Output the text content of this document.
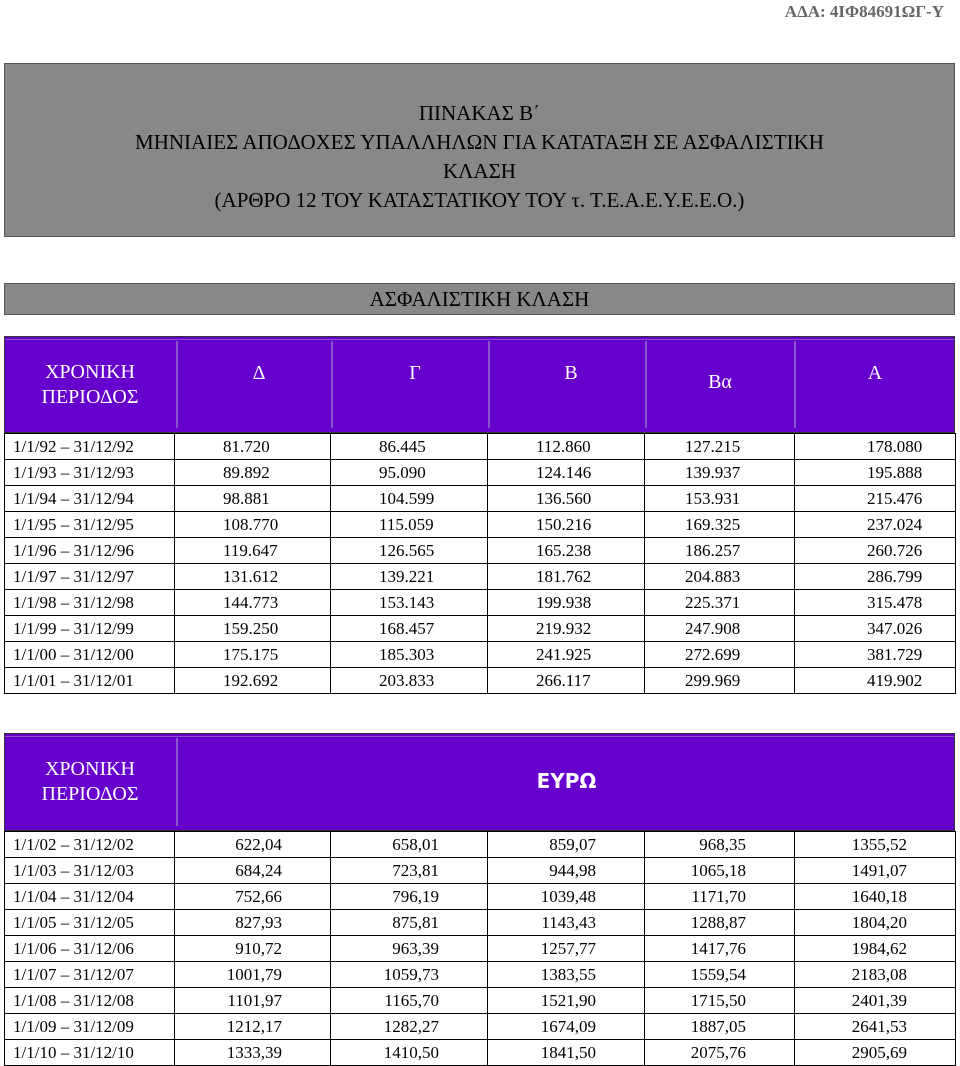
ΑΔΑ: 4ΙΦ84691ΩΓ-Υ
ΠΙΝΑΚΑΣ Β΄
ΜΗΝΙΑΙΕΣ ΑΠΟΔΟΧΕΣ ΥΠΑΛΛΗΛΩΝ ΓΙΑ ΚΑΤΑΤΑΞΗ ΣΕ ΑΣΦΑΛΙΣΤΙΚΗ
ΚΛΑΣΗ
(ΑΡΘΡΟ 12 ΤΟΥ ΚΑΤΑΣΤΑΤΙΚΟΥ ΤΟΥ τ. Τ.Ε.Α.Ε.Υ.Ε.Ε.Ο.)
ΑΣΦΑΛΙΣΤΙΚΗ ΚΛΑΣΗ
ΧΡΟΝΙΚΗ
ΠΕΡΙΟΔΟΣ
Δ	Γ	Β	Βα	Α
1/1/92 – 31/12/92	81.720	86.445	112.860	127.215	178.080
1/1/93 – 31/12/93	89.892	95.090	124.146	139.937	195.888
1/1/94 – 31/12/94	98.881	104.599	136.560	153.931	215.476
1/1/95 – 31/12/95	108.770	115.059	150.216	169.325	237.024
1/1/96 – 31/12/96	119.647	126.565	165.238	186.257	260.726
1/1/97 – 31/12/97	131.612	139.221	181.762	204.883	286.799
1/1/98 – 31/12/98	144.773	153.143	199.938	225.371	315.478
1/1/99 – 31/12/99	159.250	168.457	219.932	247.908	347.026
1/1/00 – 31/12/00	175.175	185.303	241.925	272.699	381.729
1/1/01 – 31/12/01	192.692	203.833	266.117	299.969	419.902
ΧΡΟΝΙΚΗ
ΠΕΡΙΟΔΟΣ
ΕΥΡΩ
1/1/02 – 31/12/02	622,04	658,01	859,07	968,35	1355,52
1/1/03 – 31/12/03	684,24	723,81	944,98	1065,18	1491,07
1/1/04 – 31/12/04	752,66	796,19	1039,48	1171,70	1640,18
1/1/05 – 31/12/05	827,93	875,81	1143,43	1288,87	1804,20
1/1/06 – 31/12/06	910,72	963,39	1257,77	1417,76	1984,62
1/1/07 – 31/12/07	1001,79	1059,73	1383,55	1559,54	2183,08
1/1/08 – 31/12/08	1101,97	1165,70	1521,90	1715,50	2401,39
1/1/09 – 31/12/09	1212,17	1282,27	1674,09	1887,05	2641,53
1/1/10 – 31/12/10	1333,39	1410,50	1841,50	2075,76	2905,69
